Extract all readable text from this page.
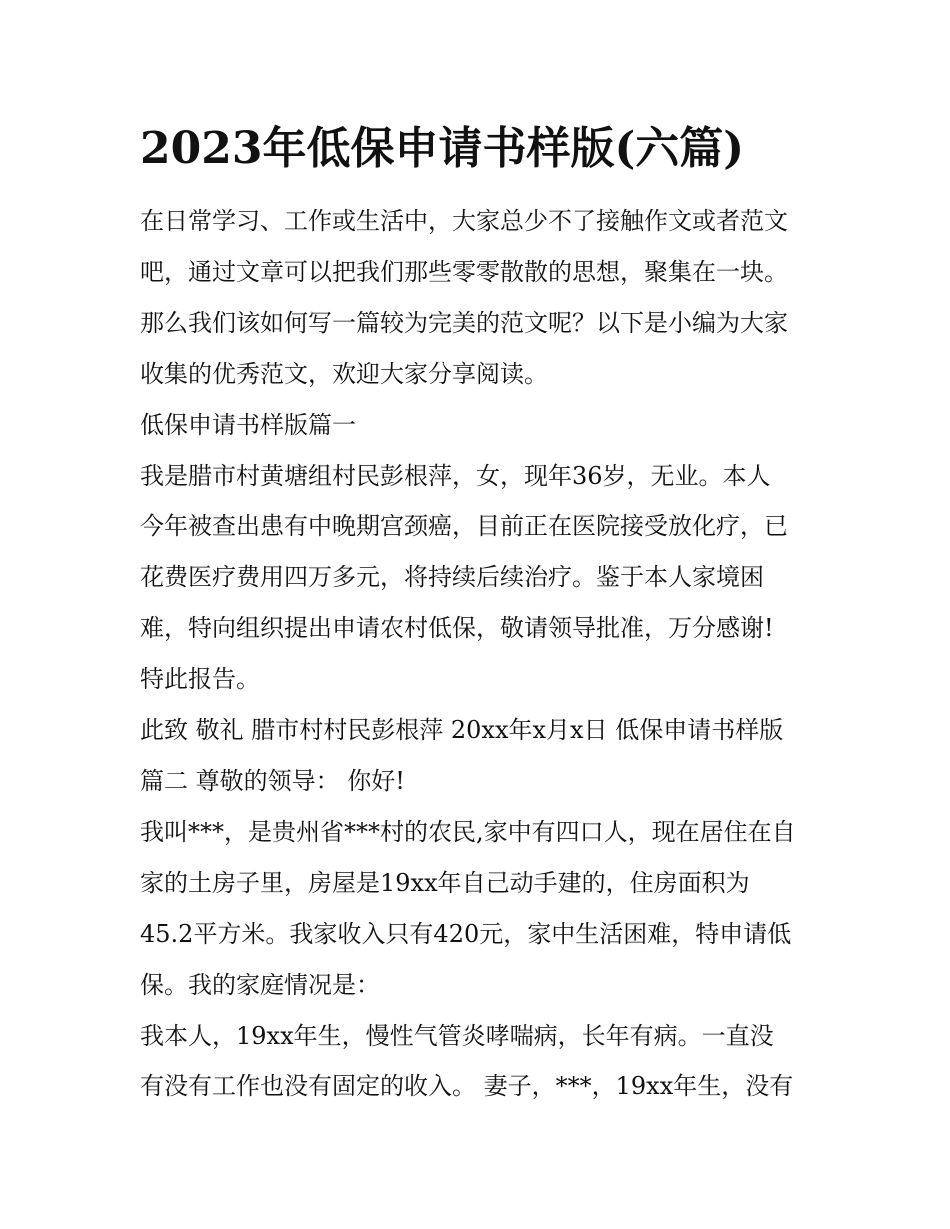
2023年低保申请书样版(六篇)
在日常学习、工作或生活中，大家总少不了接触作文或者范文
吧，通过文章可以把我们那些零零散散的思想，聚集在一块。
那么我们该如何写一篇较为完美的范文呢？以下是小编为大家
收集的优秀范文，欢迎大家分享阅读。
低保申请书样版篇一
我是腊市村黄塘组村民彭根萍，女，现年36岁，无业。本人
今年被查出患有中晚期宫颈癌，目前正在医院接受放化疗，已
花费医疗费用四万多元，将持续后续治疗。鉴于本人家境困
难，特向组织提出申请农村低保，敬请领导批准，万分感谢!
特此报告。
此致 敬礼 腊市村村民彭根萍 20xx年x月x日 低保申请书样版
篇二 尊敬的领导： 你好!
我叫***，是贵州省***村的农民,家中有四口人，现在居住在自
家的土房子里，房屋是19xx年自己动手建的，住房面积为
45.2平方米。我家收入只有420元，家中生活困难，特申请低
保。我的家庭情况是：
我本人，19xx年生，慢性气管炎哮喘病，长年有病。一直没
有没有工作也没有固定的收入。 妻子，***，19xx年生，没有
